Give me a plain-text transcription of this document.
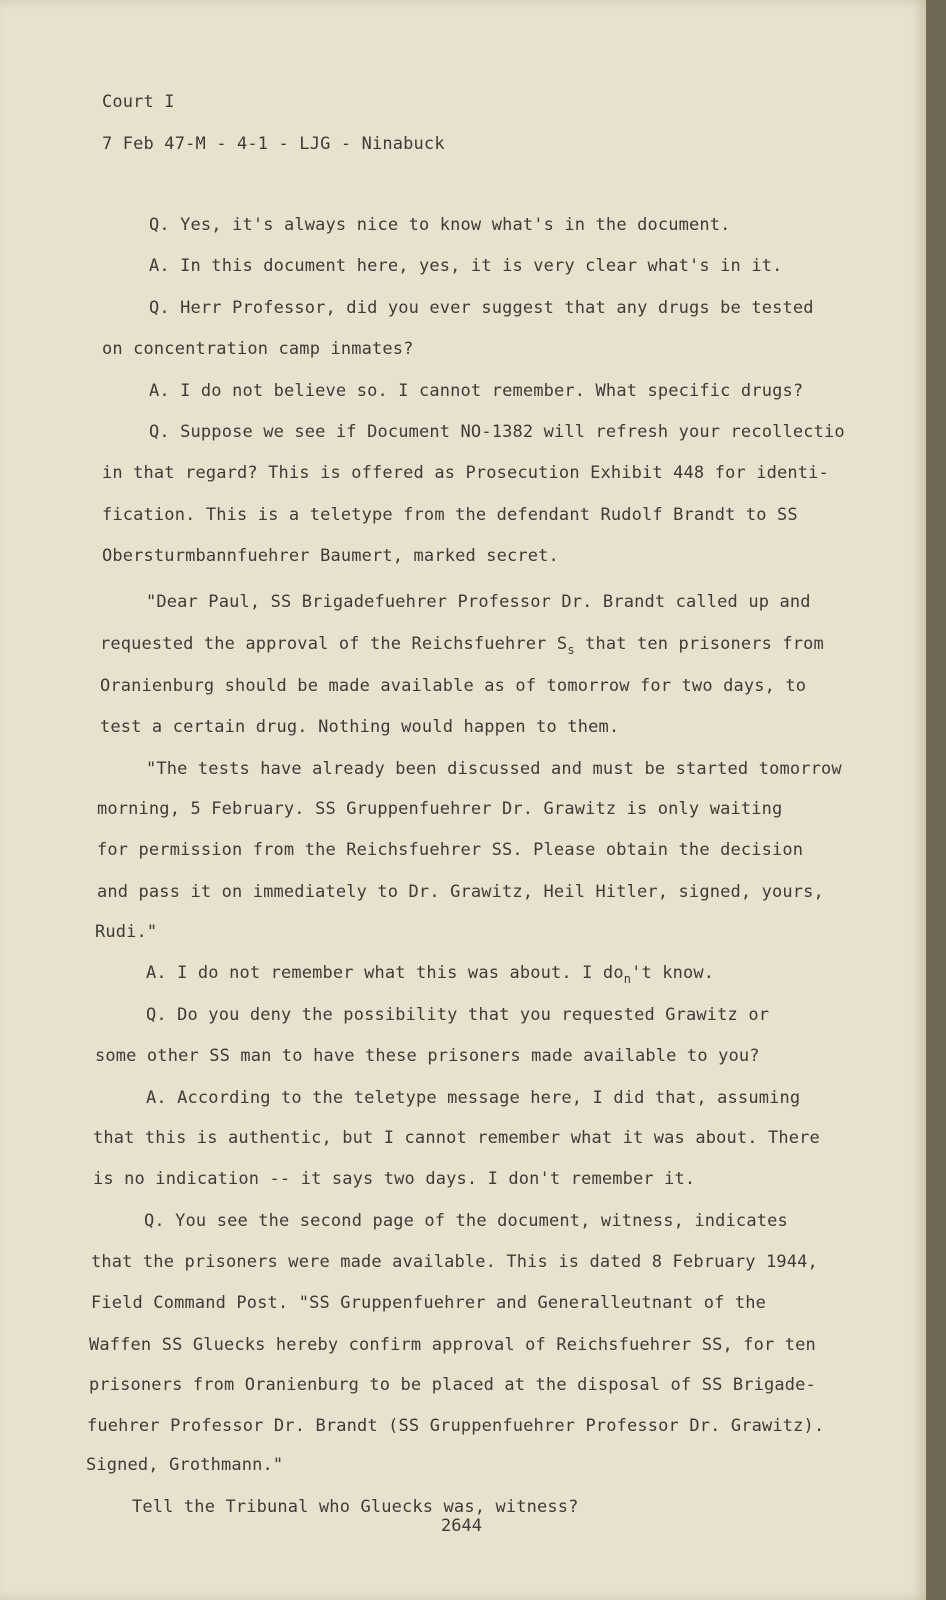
Court I
7 Feb 47-M - 4-1 - LJG - Ninabuck
Q. Yes, it's always nice to know what's in the document.
A. In this document here, yes, it is very clear what's in it.
Q. Herr Professor, did you ever suggest that any drugs be tested
on concentration camp inmates?
A. I do not believe so. I cannot remember. What specific drugs?
Q. Suppose we see if Document NO-1382 will refresh your recollectio
in that regard? This is offered as Prosecution Exhibit 448 for identi-
fication. This is a teletype from the defendant Rudolf Brandt to SS
Obersturmbannfuehrer Baumert, marked secret.
"Dear Paul, SS Brigadefuehrer Professor Dr. Brandt called up and
requested the approval of the Reichsfuehrer $S_s$ that ten prisoners from
Oranienburg should be made available as of tomorrow for two days, to
test a certain drug. Nothing would happen to them.
"The tests have already been discussed and must be started tomorrow
morning, 5 February. SS Gruppenfuehrer Dr. Grawitz is only waiting
for permission from the Reichsfuehrer SS. Please obtain the decision
and pass it on immediately to Dr. Grawitz, Heil Hitler, signed, yours,
Rudi."
A. I do not remember what this was about. I $do_n't$ know.
Q. Do you deny the possibility that you requested Grawitz or
some other SS man to have these prisoners made available to you?
A. According to the teletype message here, I did that, assuming
that this is authentic, but I cannot remember what it was about. There
is no indication -- it says two days. I don't remember it.
Q. You see the second page of the document, witness, indicates
that the prisoners were made available. This is dated 8 February 1944,
Field Command Post. "SS Gruppenfuehrer and Generalleutnant of the
Waffen SS Gluecks hereby confirm approval of Reichsfuehrer SS, for ten
prisoners from Oranienburg to be placed at the disposal of SS Brigade-
fuehrer Professor Dr. Brandt (SS Gruppenfuehrer Professor Dr. Grawitz).
Signed, Grothmann."
Tell the Tribunal who Gluecks was, witness?
2644
